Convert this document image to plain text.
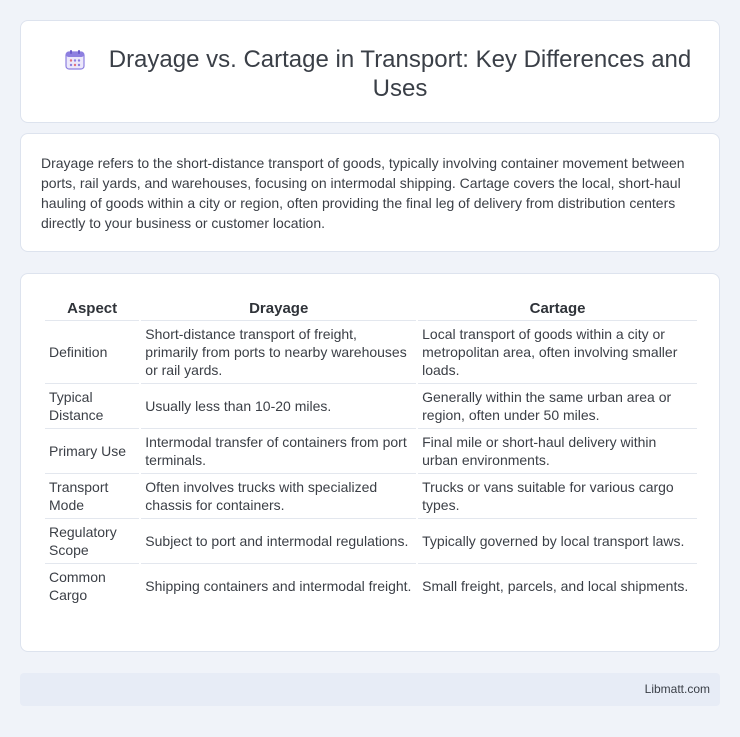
Drayage vs. Cartage in Transport: Key Differences and Uses

Drayage refers to the short-distance transport of goods, typically involving container movement between ports, rail yards, and warehouses, focusing on intermodal shipping. Cartage covers the local, short-haul hauling of goods within a city or region, often providing the final leg of delivery from distribution centers directly to your business or customer location.

Aspect	Drayage	Cartage
Definition	Short-distance transport of freight, primarily from ports to nearby warehouses or rail yards.	Local transport of goods within a city or metropolitan area, often involving smaller loads.
Typical Distance	Usually less than 10-20 miles.	Generally within the same urban area or region, often under 50 miles.
Primary Use	Intermodal transfer of containers from port terminals.	Final mile or short-haul delivery within urban environments.
Transport Mode	Often involves trucks with specialized chassis for containers.	Trucks or vans suitable for various cargo types.
Regulatory Scope	Subject to port and intermodal regulations.	Typically governed by local transport laws.
Common Cargo	Shipping containers and intermodal freight.	Small freight, parcels, and local shipments.
Libmatt.com
